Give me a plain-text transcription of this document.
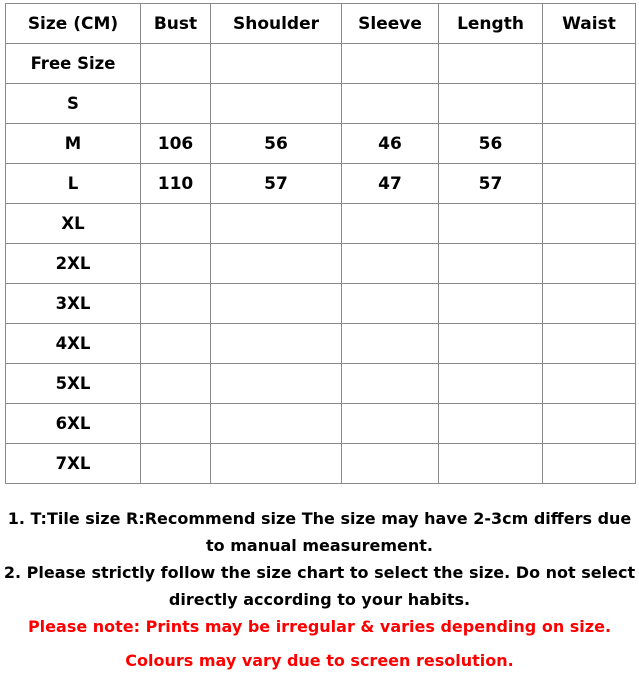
Size (CM)	Bust	Shoulder	Sleeve	Length	Waist
Free Size					
S					
M	106	56	46	56	
L	110	57	47	57	
XL					
2XL					
3XL					
4XL					
5XL					
6XL					
7XL					

1. T:Tile size R:Recommend size The size may have 2-3cm differs due

to manual measurement.

2. Please strictly follow the size chart to select the size. Do not select

directly according to your habits.

Please note: Prints may be irregular & varies depending on size.

Colours may vary due to screen resolution.
